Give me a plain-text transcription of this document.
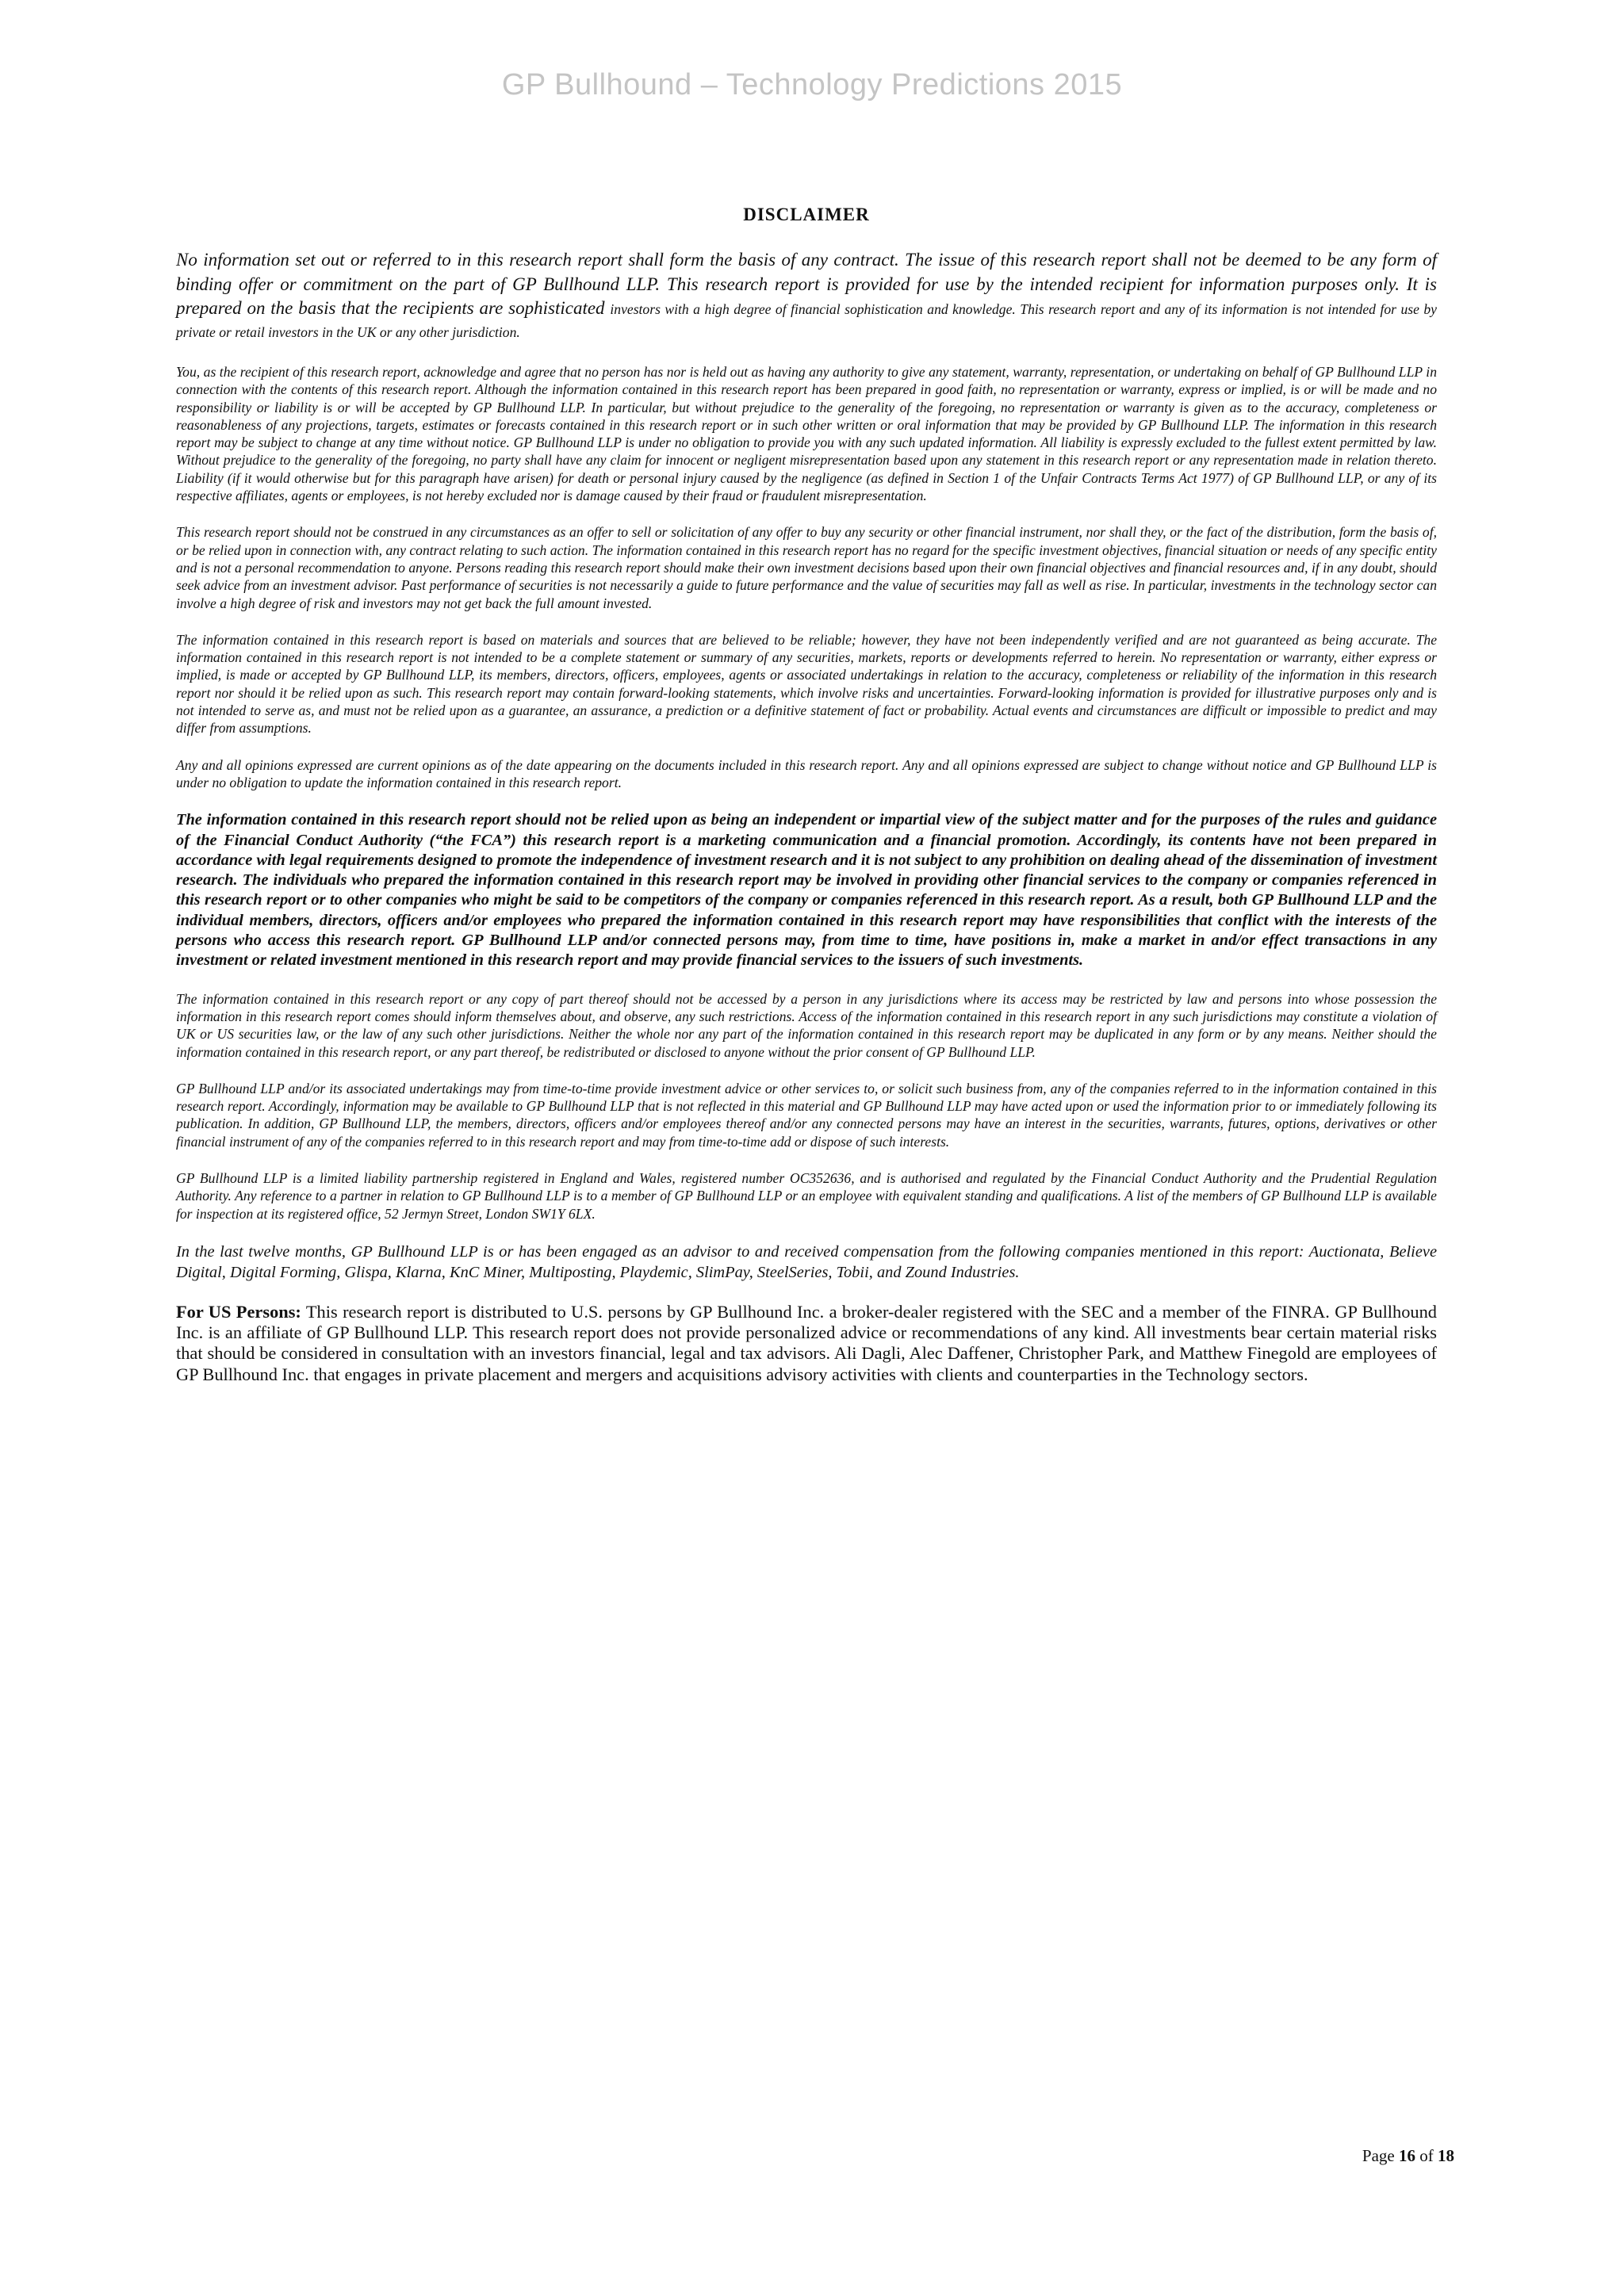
GP Bullhound – Technology Predictions 2015
DISCLAIMER

No information set out or referred to in this research report shall form the basis of any contract. The issue of this research report shall not be deemed to be any form of binding offer or commitment on the part of GP Bullhound LLP. This research report is provided for use by the intended recipient for information purposes only. It is prepared on the basis that the recipients are sophisticated investors with a high degree of financial sophistication and knowledge. This research report and any of its information is not intended for use by private or retail investors in the UK or any other jurisdiction.

You, as the recipient of this research report, acknowledge and agree that no person has nor is held out as having any authority to give any statement, warranty, representation, or undertaking on behalf of GP Bullhound LLP in connection with the contents of this research report. Although the information contained in this research report has been prepared in good faith, no representation or warranty, express or implied, is or will be made and no responsibility or liability is or will be accepted by GP Bullhound LLP. In particular, but without prejudice to the generality of the foregoing, no representation or warranty is given as to the accuracy, completeness or reasonableness of any projections, targets, estimates or forecasts contained in this research report or in such other written or oral information that may be provided by GP Bullhound LLP. The information in this research report may be subject to change at any time without notice. GP Bullhound LLP is under no obligation to provide you with any such updated information. All liability is expressly excluded to the fullest extent permitted by law. Without prejudice to the generality of the foregoing, no party shall have any claim for innocent or negligent misrepresentation based upon any statement in this research report or any representation made in relation thereto. Liability (if it would otherwise but for this paragraph have arisen) for death or personal injury caused by the negligence (as defined in Section 1 of the Unfair Contracts Terms Act 1977) of GP Bullhound LLP, or any of its respective affiliates, agents or employees, is not hereby excluded nor is damage caused by their fraud or fraudulent misrepresentation.

This research report should not be construed in any circumstances as an offer to sell or solicitation of any offer to buy any security or other financial instrument, nor shall they, or the fact of the distribution, form the basis of, or be relied upon in connection with, any contract relating to such action. The information contained in this research report has no regard for the specific investment objectives, financial situation or needs of any specific entity and is not a personal recommendation to anyone. Persons reading this research report should make their own investment decisions based upon their own financial objectives and financial resources and, if in any doubt, should seek advice from an investment advisor. Past performance of securities is not necessarily a guide to future performance and the value of securities may fall as well as rise. In particular, investments in the technology sector can involve a high degree of risk and investors may not get back the full amount invested.

The information contained in this research report is based on materials and sources that are believed to be reliable; however, they have not been independently verified and are not guaranteed as being accurate. The information contained in this research report is not intended to be a complete statement or summary of any securities, markets, reports or developments referred to herein. No representation or warranty, either express or implied, is made or accepted by GP Bullhound LLP, its members, directors, officers, employees, agents or associated undertakings in relation to the accuracy, completeness or reliability of the information in this research report nor should it be relied upon as such. This research report may contain forward-looking statements, which involve risks and uncertainties. Forward-looking information is provided for illustrative purposes only and is not intended to serve as, and must not be relied upon as a guarantee, an assurance, a prediction or a definitive statement of fact or probability. Actual events and circumstances are difficult or impossible to predict and may differ from assumptions.

Any and all opinions expressed are current opinions as of the date appearing on the documents included in this research report. Any and all opinions expressed are subject to change without notice and GP Bullhound LLP is under no obligation to update the information contained in this research report.

The information contained in this research report should not be relied upon as being an independent or impartial view of the subject matter and for the purposes of the rules and guidance of the Financial Conduct Authority (“the FCA”) this research report is a marketing communication and a financial promotion. Accordingly, its contents have not been prepared in accordance with legal requirements designed to promote the independence of investment research and it is not subject to any prohibition on dealing ahead of the dissemination of investment research. The individuals who prepared the information contained in this research report may be involved in providing other financial services to the company or companies referenced in this research report or to other companies who might be said to be competitors of the company or companies referenced in this research report. As a result, both GP Bullhound LLP and the individual members, directors, officers and/or employees who prepared the information contained in this research report may have responsibilities that conflict with the interests of the persons who access this research report. GP Bullhound LLP and/or connected persons may, from time to time, have positions in, make a market in and/or effect transactions in any investment or related investment mentioned in this research report and may provide financial services to the issuers of such investments.

The information contained in this research report or any copy of part thereof should not be accessed by a person in any jurisdictions where its access may be restricted by law and persons into whose possession the information in this research report comes should inform themselves about, and observe, any such restrictions. Access of the information contained in this research report in any such jurisdictions may constitute a violation of UK or US securities law, or the law of any such other jurisdictions. Neither the whole nor any part of the information contained in this research report may be duplicated in any form or by any means. Neither should the information contained in this research report, or any part thereof, be redistributed or disclosed to anyone without the prior consent of GP Bullhound LLP.

GP Bullhound LLP and/or its associated undertakings may from time-to-time provide investment advice or other services to, or solicit such business from, any of the companies referred to in the information contained in this research report. Accordingly, information may be available to GP Bullhound LLP that is not reflected in this material and GP Bullhound LLP may have acted upon or used the information prior to or immediately following its publication. In addition, GP Bullhound LLP, the members, directors, officers and/or employees thereof and/or any connected persons may have an interest in the securities, warrants, futures, options, derivatives or other financial instrument of any of the companies referred to in this research report and may from time-to-time add or dispose of such interests.

GP Bullhound LLP is a limited liability partnership registered in England and Wales, registered number OC352636, and is authorised and regulated by the Financial Conduct Authority and the Prudential Regulation Authority. Any reference to a partner in relation to GP Bullhound LLP is to a member of GP Bullhound LLP or an employee with equivalent standing and qualifications. A list of the members of GP Bullhound LLP is available for inspection at its registered office, 52 Jermyn Street, London SW1Y 6LX.

In the last twelve months, GP Bullhound LLP is or has been engaged as an advisor to and received compensation from the following companies mentioned in this report: Auctionata, Believe Digital, Digital Forming, Glispa, Klarna, KnC Miner, Multiposting, Playdemic, SlimPay, SteelSeries, Tobii, and Zound Industries.

For US Persons: This research report is distributed to U.S. persons by GP Bullhound Inc. a broker-dealer registered with the SEC and a member of the FINRA. GP Bullhound Inc. is an affiliate of GP Bullhound LLP. This research report does not provide personalized advice or recommendations of any kind. All investments bear certain material risks that should be considered in consultation with an investors financial, legal and tax advisors. Ali Dagli, Alec Daffener, Christopher Park, and Matthew Finegold are employees of GP Bullhound Inc. that engages in private placement and mergers and acquisitions advisory activities with clients and counterparties in the Technology sectors.

Page 16 of 18
